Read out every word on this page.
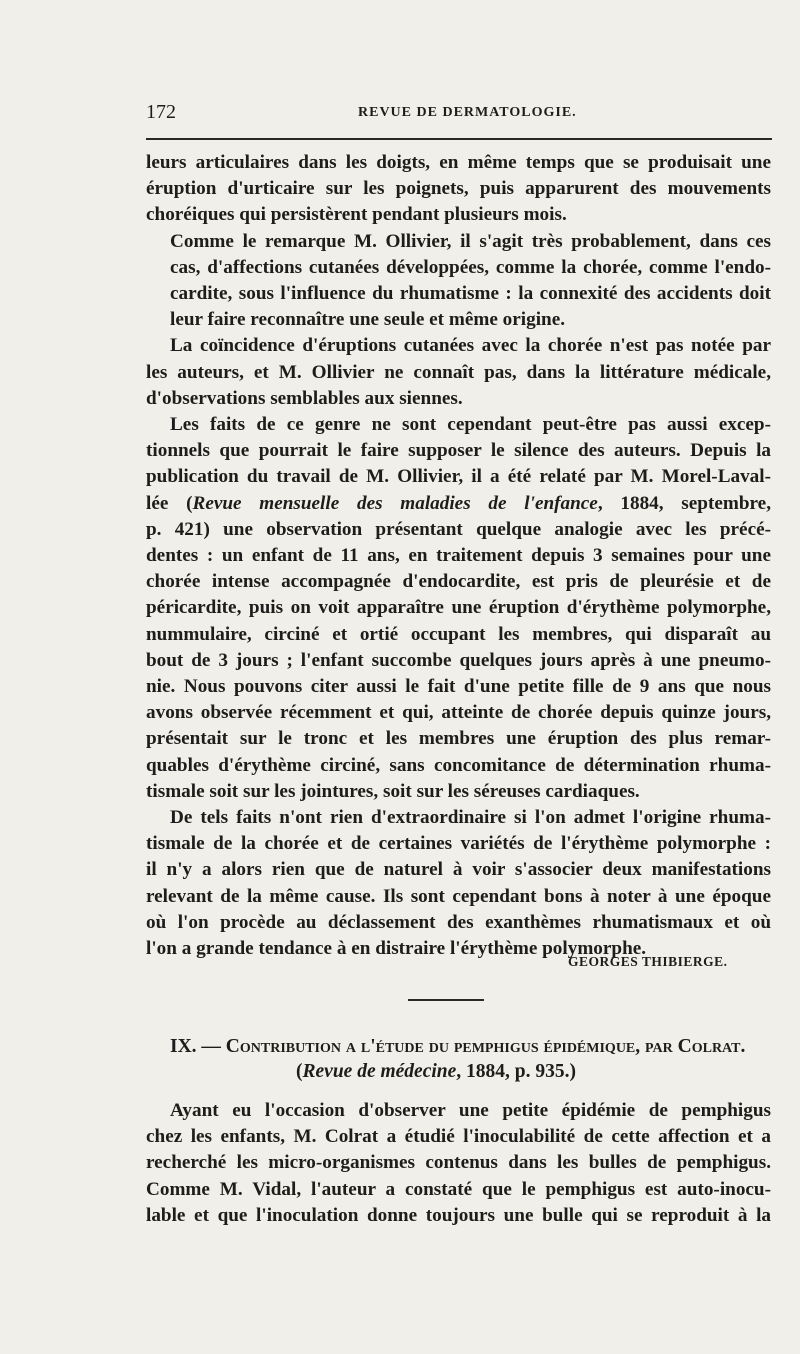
172	REVUE DE DERMATOLOGIE.

leurs articulaires dans les doigts, en même temps que se produisait une
éruption d'urticaire sur les poignets, puis apparurent des mouvements
choréiques qui persistèrent pendant plusieurs mois.

Comme le remarque M. Ollivier, il s'agit très probablement, dans ces
cas, d'affections cutanées développées, comme la chorée, comme l'endo-
cardite, sous l'influence du rhumatisme : la connexité des accidents doit
leur faire reconnaître une seule et même origine.

La coïncidence d'éruptions cutanées avec la chorée n'est pas notée par
les auteurs, et M. Ollivier ne connaît pas, dans la littérature médicale,
d'observations semblables aux siennes.

Les faits de ce genre ne sont cependant peut-être pas aussi excep-
tionnels que pourrait le faire supposer le silence des auteurs. Depuis la
publication du travail de M. Ollivier, il a été relaté par M. Morel-Laval-
lée (Revue mensuelle des maladies de l'enfance, 1884, septembre,
p. 421) une observation présentant quelque analogie avec les précé-
dentes : un enfant de 11 ans, en traitement depuis 3 semaines pour une
chorée intense accompagnée d'endocardite, est pris de pleurésie et de
péricardite, puis on voit apparaître une éruption d'érythème polymorphe,
nummulaire, circiné et ortié occupant les membres, qui disparaît au
bout de 3 jours ; l'enfant succombe quelques jours après à une pneumo-
nie. Nous pouvons citer aussi le fait d'une petite fille de 9 ans que nous
avons observée récemment et qui, atteinte de chorée depuis quinze jours,
présentait sur le tronc et les membres une éruption des plus remar-
quables d'érythème circiné, sans concomitance de détermination rhuma-
tismale soit sur les jointures, soit sur les séreuses cardiaques.

De tels faits n'ont rien d'extraordinaire si l'on admet l'origine rhuma-
tismale de la chorée et de certaines variétés de l'érythème polymorphe :
il n'y a alors rien que de naturel à voir s'associer deux manifestations
relevant de la même cause. Ils sont cependant bons à noter à une époque
où l'on procède au déclassement des exanthèmes rhumatismaux et où
l'on a grande tendance à en distraire l'érythème polymorphe.

GEORGES THIBIERGE.
IX. — Contribution a l'étude du pemphigus épidémique, par Colrat.
(Revue de médecine, 1884, p. 935.)

Ayant eu l'occasion d'observer une petite épidémie de pemphigus
chez les enfants, M. Colrat a étudié l'inoculabilité de cette affection et a
recherché les micro-organismes contenus dans les bulles de pemphigus.
Comme M. Vidal, l'auteur a constaté que le pemphigus est auto-inocu-
lable et que l'inoculation donne toujours une bulle qui se reproduit à la
